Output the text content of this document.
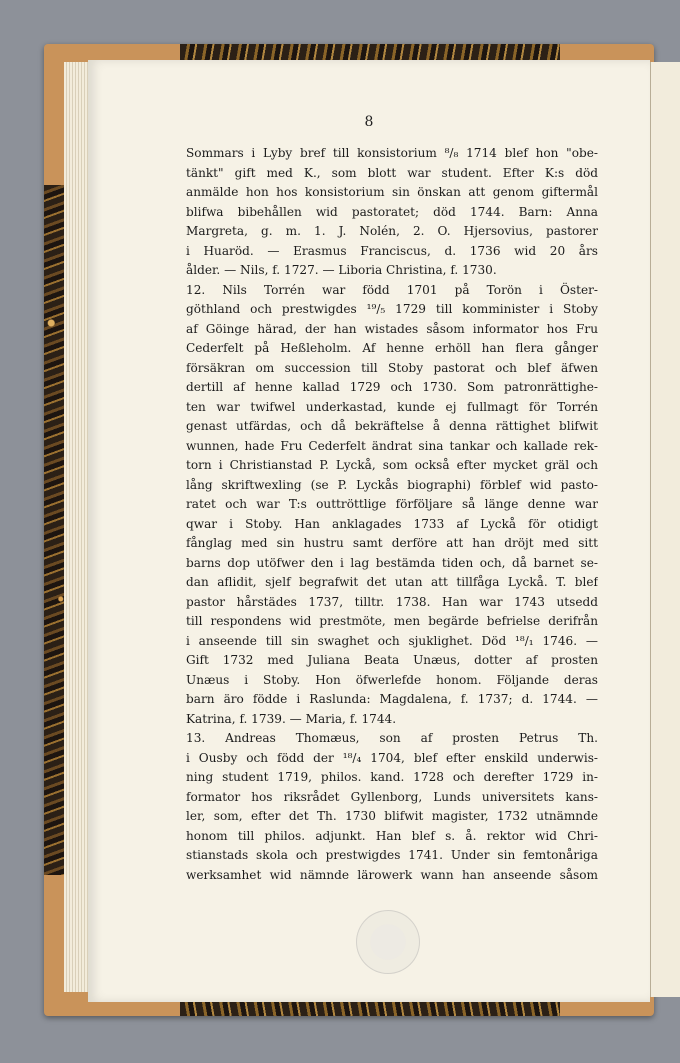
8
Sommars i Lyby bref till konsistorium ⁸/₈ 1714 blef hon "obe-
tänkt" gift med K., som blott war student. Efter K:s död
anmälde hon hos konsistorium sin önskan att genom giftermål
blifwa bibehållen wid pastoratet; död 1744. Barn: Anna
Margreta, g. m. 1. J. Nolén, 2. O. Hjersovius, pastorer
i Huaröd. — Erasmus Franciscus, d. 1736 wid 20 års
ålder. — Nils, f. 1727. — Liboria Christina, f. 1730.
12. Nils Torrén war född 1701 på Torön i Öster-
göthland och prestwigdes ¹⁹/₅ 1729 till komminister i Stoby
af Göinge härad, der han wistades såsom informator hos Fru
Cederfelt på Heßleholm. Af henne erhöll han flera gånger
försäkran om succession till Stoby pastorat och blef äfwen
dertill af henne kallad 1729 och 1730. Som patronrättighe-
ten war twifwel underkastad, kunde ej fullmagt för Torrén
genast utfärdas, och då bekräftelse å denna rättighet blifwit
wunnen, hade Fru Cederfelt ändrat sina tankar och kallade rek-
torn i Christianstad P. Lyckå, som också efter mycket gräl och
lång skriftwexling (se P. Lyckås biographi) förblef wid pasto-
ratet och war T:s outtröttlige förföljare så länge denne war
qwar i Stoby. Han anklagades 1733 af Lyckå för otidigt
fånglag med sin hustru samt derföre att han dröjt med sitt
barns dop utöfwer den i lag bestämda tiden och, då barnet se-
dan aflidit, sjelf begrafwit det utan att tillfåga Lyckå. T. blef
pastor hårstädes 1737, tilltr. 1738. Han war 1743 utsedd
till respondens wid prestmöte, men begärde befrielse derifrån
i anseende till sin swaghet och sjuklighet. Död ¹⁸/₁ 1746. —
Gift 1732 med Juliana Beata Unæus, dotter af prosten
Unæus i Stoby. Hon öfwerlefde honom. Följande deras
barn äro födde i Raslunda: Magdalena, f. 1737; d. 1744. —
Katrina, f. 1739. — Maria, f. 1744.
13. Andreas Thomæus, son af prosten Petrus Th.
i Ousby och född der ¹⁸/₄ 1704, blef efter enskild underwis-
ning student 1719, philos. kand. 1728 och derefter 1729 in-
formator hos riksrådet Gyllenborg, Lunds universitets kans-
ler, som, efter det Th. 1730 blifwit magister, 1732 utnämnde
honom till philos. adjunkt. Han blef s. å. rektor wid Chri-
stianstads skola och prestwigdes 1741. Under sin femtonåriga
werksamhet wid nämnde lärowerk wann han anseende såsom
